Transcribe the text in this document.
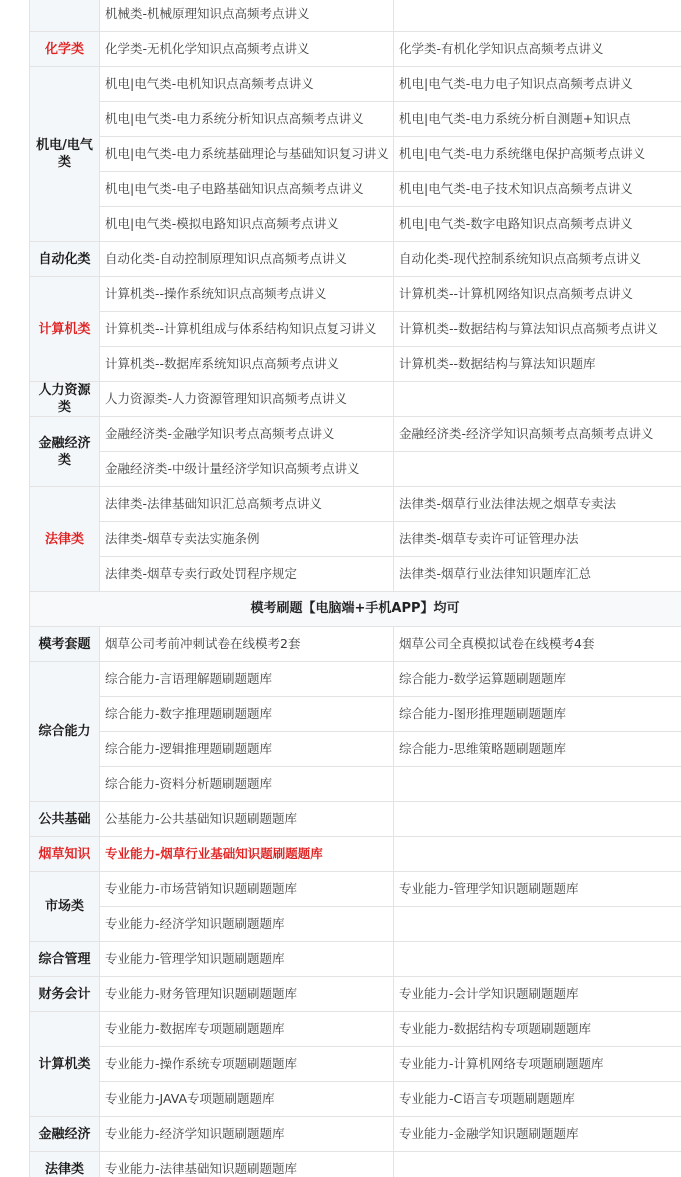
	机械类-机械原理知识点高频考点讲义	
化学类	化学类-无机化学知识点高频考点讲义	化学类-有机化学知识点高频考点讲义
机电/电气类	机电|电气类-电机知识点高频考点讲义	机电|电气类-电力电子知识点高频考点讲义
	机电|电气类-电力系统分析知识点高频考点讲义	机电|电气类-电力系统分析自测题+知识点
	机电|电气类-电力系统基础理论与基础知识复习讲义	机电|电气类-电力系统继电保护高频考点讲义
	机电|电气类-电子电路基础知识点高频考点讲义	机电|电气类-电子技术知识点高频考点讲义
	机电|电气类-模拟电路知识点高频考点讲义	机电|电气类-数字电路知识点高频考点讲义
自动化类	自动化类-自动控制原理知识点高频考点讲义	自动化类-现代控制系统知识点高频考点讲义
计算机类	计算机类--操作系统知识点高频考点讲义	计算机类--计算机网络知识点高频考点讲义
	计算机类--计算机组成与体系结构知识点复习讲义	计算机类--数据结构与算法知识点高频考点讲义
	计算机类--数据库系统知识点高频考点讲义	计算机类--数据结构与算法知识题库
人力资源类	人力资源类-人力资源管理知识高频考点讲义	
金融经济类	金融经济类-金融学知识考点高频考点讲义	金融经济类-经济学知识高频考点高频考点讲义
	金融经济类-中级计量经济学知识高频考点讲义	
法律类	法律类-法律基础知识汇总高频考点讲义	法律类-烟草行业法律法规之烟草专卖法
	法律类-烟草专卖法实施条例	法律类-烟草专卖许可证管理办法
	法律类-烟草专卖行政处罚程序规定	法律类-烟草行业法律知识题库汇总
模考刷题【电脑端+手机APP】均可		
模考套题	烟草公司考前冲刺试卷在线模考2套	烟草公司全真模拟试卷在线模考4套
综合能力	综合能力-言语理解题刷题题库	综合能力-数学运算题刷题题库
	综合能力-数字推理题刷题题库	综合能力-图形推理题刷题题库
	综合能力-逻辑推理题刷题题库	综合能力-思维策略题刷题题库
	综合能力-资料分析题刷题题库	
公共基础	公基能力-公共基础知识题刷题题库	
烟草知识	专业能力-烟草行业基础知识题刷题题库	
市场类	专业能力-市场营销知识题刷题题库	专业能力-管理学知识题刷题题库
	专业能力-经济学知识题刷题题库	
综合管理	专业能力-管理学知识题刷题题库	
财务会计	专业能力-财务管理知识题刷题题库	专业能力-会计学知识题刷题题库
计算机类	专业能力-数据库专项题刷题题库	专业能力-数据结构专项题刷题题库
	专业能力-操作系统专项题刷题题库	专业能力-计算机网络专项题刷题题库
	专业能力-JAVA专项题刷题题库	专业能力-C语言专项题刷题题库
金融经济	专业能力-经济学知识题刷题题库	专业能力-金融学知识题刷题题库
法律类	专业能力-法律基础知识题刷题题库	
